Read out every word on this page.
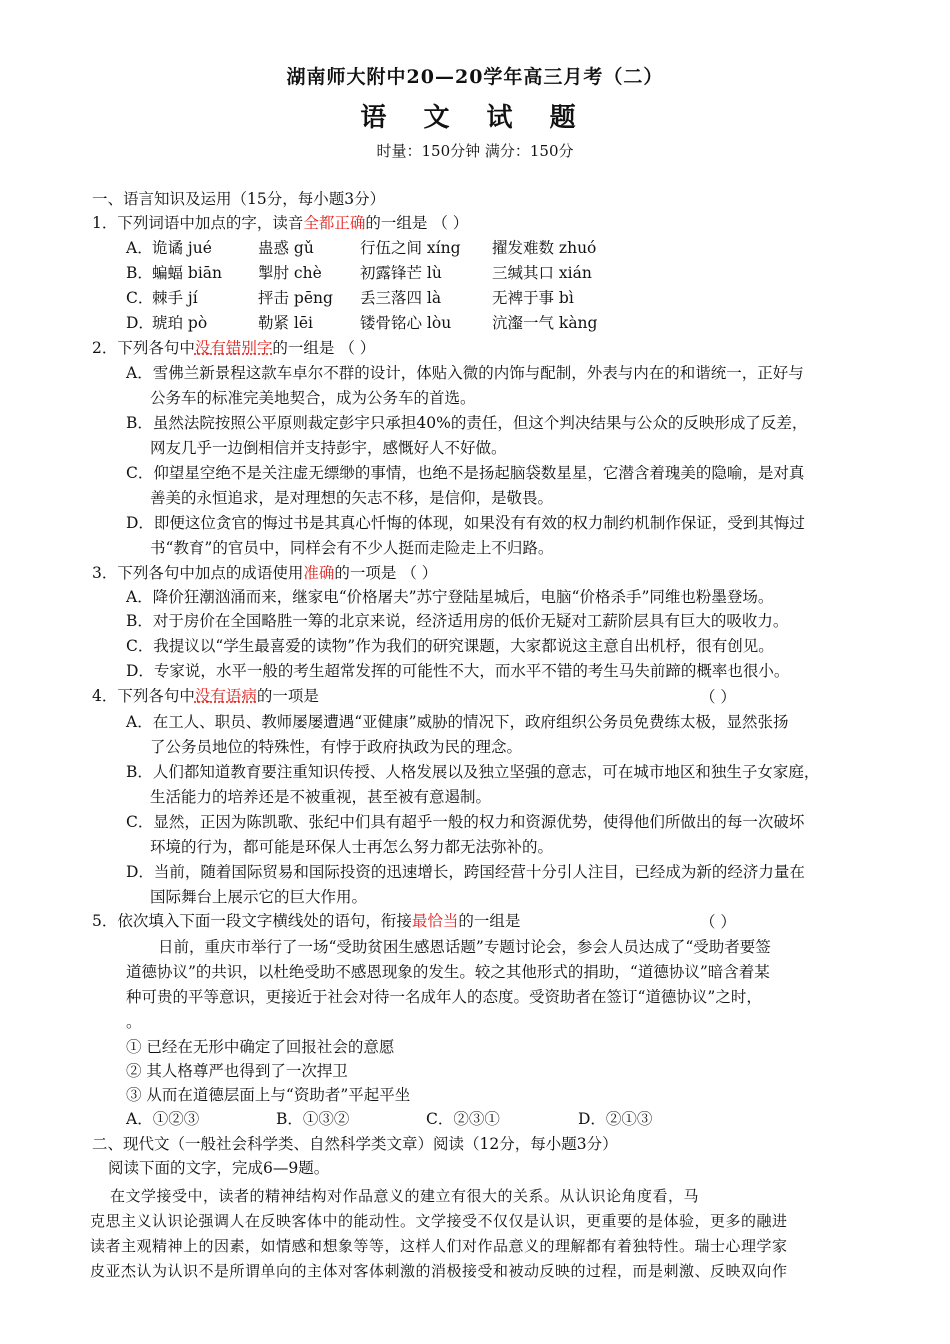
湖南师大附中20—20学年高三月考（二）
语 文 试 题
时量：150分钟 满分：150分
一、语言知识及运用（15分，每小题3分）
1．下列词语中加点的字，读音全都正确的一组是 （ ）
A． 诡谲 jué	蛊惑 gǔ	行伍之间 xíng 擢发难数 zhuó
B． 蝙蝠 biān 掣肘 chè 初露锋芒 lù	三缄其口 xián
C．
棘手 jí	抨击 pēng 丢三落四 là	无裨于事 bì
D．
琥珀 pò	勒紧 lēi	镂骨铭心 lòu	沆瀣一气 kàng
2．下列各句中没有错别字的一组是 （ ）
A．雪佛兰新景程这款车卓尔不群的设计，体贴入微的内饰与配制，外表与内在的和谐统一，正好与
公务车的标准完美地契合，成为公务车的首选。
B．虽然法院按照公平原则裁定彭宇只承担40%的责任，但这个判决结果与公众的反映形成了反差，
网友几乎一边倒相信并支持彭宇，感慨好人不好做。
C．仰望星空绝不是关注虚无缥缈的事情，也绝不是扬起脑袋数星星，它潜含着瑰美的隐喻，是对真
善美的永恒追求，是对理想的矢志不移，是信仰，是敬畏。
D．即便这位贪官的悔过书是其真心忏悔的体现，如果没有有效的权力制约机制作保证，受到其悔过
书“教育”的官员中，同样会有不少人挺而走险走上不归路。
3．下列各句中加点的成语使用准确的一项是 （ ）
A．降价狂潮汹涌而来，继家电“价格屠夫”苏宁登陆星城后，电脑“价格杀手”同维也粉墨登场。
B．对于房价在全国略胜一筹的北京来说，经济适用房的低价无疑对工薪阶层具有巨大的吸收力。
C．我提议以“学生最喜爱的读物”作为我们的研究课题，大家都说这主意自出机杼，很有创见。
D．专家说，水平一般的考生超常发挥的可能性不大，而水平不错的考生马失前蹄的概率也很小。
4．下列各句中没有语病的一项是	（ ）
A．在工人、职员、教师屡屡遭遇“亚健康”威胁的情况下，政府组织公务员免费练太极，显然张扬
了公务员地位的特殊性，有悖于政府执政为民的理念。
B．人们都知道教育要注重知识传授、人格发展以及独立坚强的意志，可在城市地区和独生子女家庭，
生活能力的培养还是不被重视，甚至被有意遏制。
C．显然，正因为陈凯歌、张纪中们具有超乎一般的权力和资源优势，使得他们所做出的每一次破坏
环境的行为，都可能是环保人士再怎么努力都无法弥补的。
D．当前，随着国际贸易和国际投资的迅速增长，跨国经营十分引人注目，已经成为新的经济力量在
国际舞台上展示它的巨大作用。
5．依次填入下面一段文字横线处的语句，衔接最恰当的一组是	（ ）
日前，重庆市举行了一场“受助贫困生感恩话题”专题讨论会，参会人员达成了“受助者要签
道德协议”的共识，以杜绝受助不感恩现象的发生。较之其他形式的捐助，“道德协议”暗含着某
种可贵的平等意识，更接近于社会对待一名成年人的态度。受资助者在签订“道德协议”之时，
。
① 已经在无形中确定了回报社会的意愿
② 其人格尊严也得到了一次捍卫
③ 从而在道德层面上与“资助者”平起平坐
A．①②③	B．①③②	C．②③①	D．②①③
二、现代文（一般社会科学类、自然科学类文章）阅读（12分，每小题3分）
阅读下面的文字，完成6—9题。
在文学接受中，读者的精神结构对作品意义的建立有很大的关系。从认识论角度看，马
克思主义认识论强调人在反映客体中的能动性。文学接受不仅仅是认识，更重要的是体验，更多的融进
读者主观精神上的因素，如情感和想象等等，这样人们对作品意义的理解都有着独特性。瑞士心理学家
皮亚杰认为认识不是所谓单向的主体对客体刺激的消极接受和被动反映的过程，而是刺激、反映双向作
